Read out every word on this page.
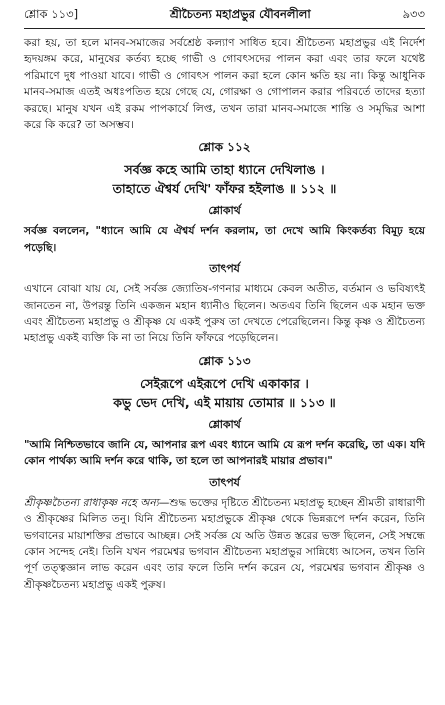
শ্লোক ১১৩]	শ্রীচৈতন্য মহাপ্রভুর যৌবনলীলা	৯৩৩

করা হয়, তা হলে মানব-সমাজের সর্বশ্রেষ্ঠ কল্যাণ সাধিত হবে। শ্রীচৈতন্য মহাপ্রভুর এই নির্দেশ হৃদয়ঙ্গম করে, মানুষের কর্তব্য হচ্ছে গাভী ও গোবৎসদের পালন করা এবং তার ফলে যথেষ্ট পরিমাণে দুধ পাওয়া যাবে। গাভী ও গোবৎস পালন করা হলে কোন ক্ষতি হয় না। কিন্তু আধুনিক মানব-সমাজ এতই অধঃপতিত হয়ে গেছে যে, গোরক্ষা ও গোপালন করার পরিবর্তে তাদের হত্যা করছে। মানুষ যখন এই রকম পাপকার্যে লিপ্ত, তখন তারা মানব-সমাজে শান্তি ও সমৃদ্ধির আশা করে কি করে? তা অসম্ভব।

শ্লোক ১১২
সর্বজ্ঞ কহে আমি তাহা ধ্যানে দেখিলাঙ ।
তাহাতে ঐশ্বর্য দেখি' ফাঁফর হইলাঙ ॥ ১১২ ॥
শ্লোকার্থ

সর্বজ্ঞ বললেন, "ধ্যানে আমি যে ঐশ্বর্য দর্শন করলাম, তা দেখে আমি কিংকর্তব্য বিমূঢ় হয়ে পড়েছি।

তাৎপর্য

এখানে বোঝা যায় যে, সেই সর্বজ্ঞ জ্যোতিষ-গণনার মাধ্যমে কেবল অতীত, বর্তমান ও ভবিষ্যৎই জানতেন না, উপরন্তু তিনি একজন মহান ধ্যানীও ছিলেন। অতএব তিনি ছিলেন এক মহান ভক্ত এবং শ্রীচৈতন্য মহাপ্রভু ও শ্রীকৃষ্ণ যে একই পুরুষ তা দেখতে পেরেছিলেন। কিন্তু কৃষ্ণ ও শ্রীচৈতন্য মহাপ্রভু একই ব্যক্তি কি না তা নিয়ে তিনি ফাঁফরে পড়েছিলেন।

শ্লোক ১১৩
সেইরূপে এইরূপে দেখি একাকার ।
কভু ভেদ দেখি, এই মায়ায় তোমার ॥ ১১৩ ॥
শ্লোকার্থ

"আমি নিশ্চিতভাবে জানি যে, আপনার রূপ এবং ধ্যানে আমি যে রূপ দর্শন করেছি, তা এক। যদি কোন পার্থক্য আমি দর্শন করে থাকি, তা হলে তা আপনারই মায়ার প্রভাব।"

তাৎপর্য

শ্রীকৃষ্ণচৈতন্য রাধাকৃষ্ণ নহে অন্য—শুদ্ধ ভক্তের দৃষ্টিতে শ্রীচৈতন্য মহাপ্রভু হচ্ছেন শ্রীমতী রাধারাণী ও শ্রীকৃষ্ণের মিলিত তনু। যিনি শ্রীচৈতন্য মহাপ্রভুকে শ্রীকৃষ্ণ থেকে ভিন্নরূপে দর্শন করেন, তিনি ভগবানের মায়াশক্তির প্রভাবে আচ্ছন্ন। সেই সর্বজ্ঞ যে অতি উন্নত স্তরের ভক্ত ছিলেন, সেই সম্বন্ধে কোন সন্দেহ নেই। তিনি যখন পরমেশ্বর ভগবান শ্রীচৈতন্য মহাপ্রভুর সান্নিধ্যে আসেন, তখন তিনি পূর্ণ তত্ত্বজ্ঞান লাভ করেন এবং তার ফলে তিনি দর্শন করেন যে, পরমেশ্বর ভগবান শ্রীকৃষ্ণ ও শ্রীকৃষ্ণচৈতন্য মহাপ্রভু একই পুরুষ।
